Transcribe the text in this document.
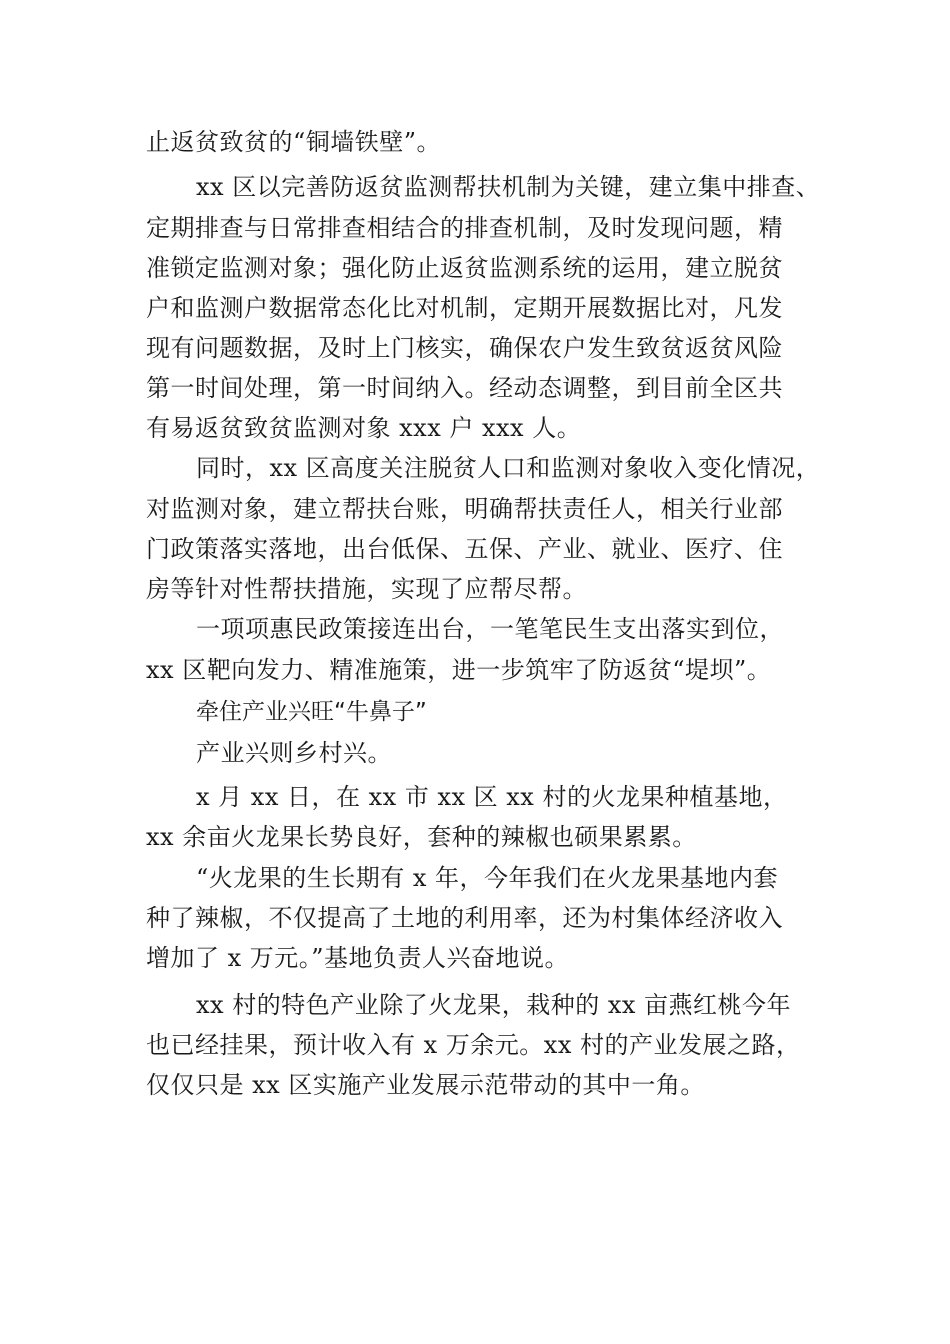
止返贫致贫的“铜墙铁壁”。
xx 区以完善防返贫监测帮扶机制为关键，建立集中排查、
定期排查与日常排查相结合的排查机制，及时发现问题，精
准锁定监测对象；强化防止返贫监测系统的运用，建立脱贫
户和监测户数据常态化比对机制，定期开展数据比对，凡发
现有问题数据，及时上门核实，确保农户发生致贫返贫风险
第一时间处理，第一时间纳入。经动态调整，到目前全区共
有易返贫致贫监测对象 xxx 户 xxx 人。
同时，xx 区高度关注脱贫人口和监测对象收入变化情况，
对监测对象，建立帮扶台账，明确帮扶责任人，相关行业部
门政策落实落地，出台低保、五保、产业、就业、医疗、住
房等针对性帮扶措施，实现了应帮尽帮。
一项项惠民政策接连出台，一笔笔民生支出落实到位，
xx 区靶向发力、精准施策，进一步筑牢了防返贫“堤坝”。
牵住产业兴旺“牛鼻子”
产业兴则乡村兴。
x 月 xx 日，在 xx 市 xx 区 xx 村的火龙果种植基地，
xx 余亩火龙果长势良好，套种的辣椒也硕果累累。
“火龙果的生长期有 x 年，今年我们在火龙果基地内套
种了辣椒，不仅提高了土地的利用率，还为村集体经济收入
增加了 x 万元。”基地负责人兴奋地说。
xx 村的特色产业除了火龙果，栽种的 xx 亩燕红桃今年
也已经挂果，预计收入有 x 万余元。xx 村的产业发展之路，
仅仅只是 xx 区实施产业发展示范带动的其中一角。
